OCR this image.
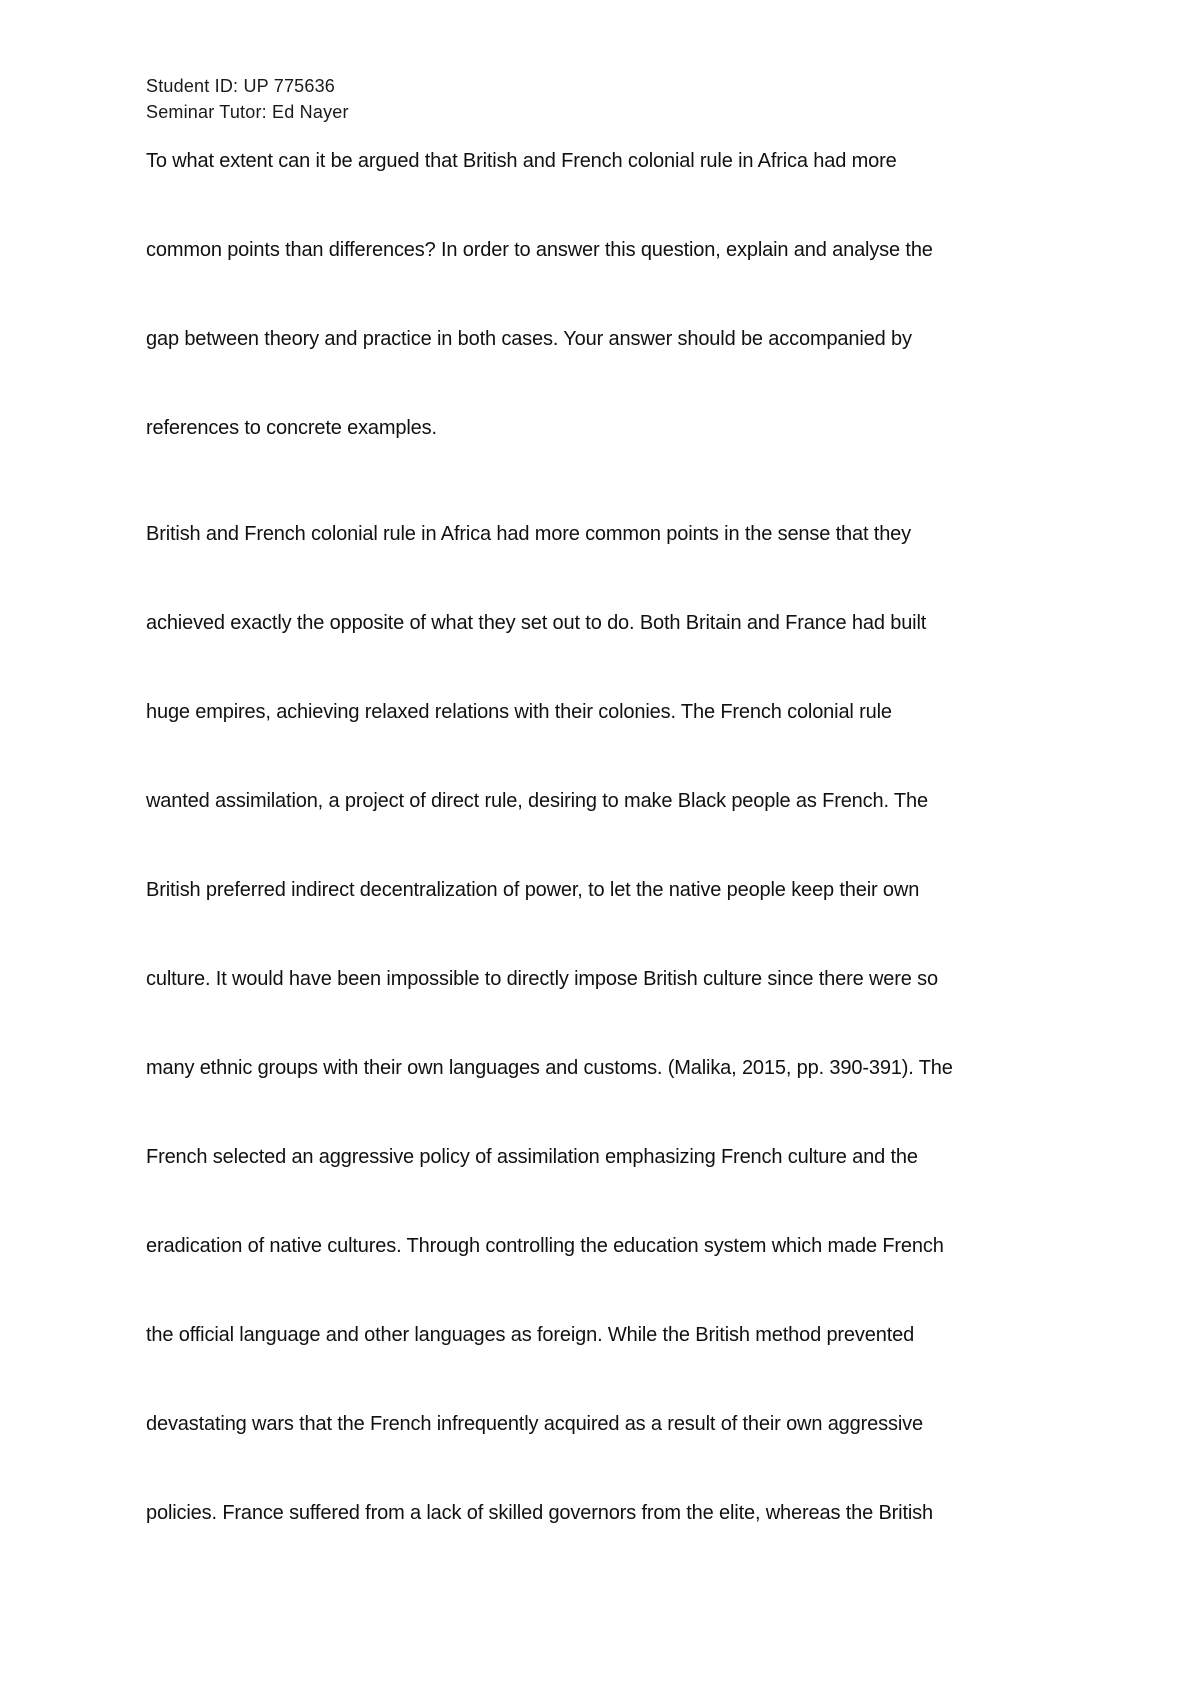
Student ID: UP 775636
Seminar Tutor: Ed Nayer
To what extent can it be argued that British and French colonial rule in Africa had more
common points than differences? In order to answer this question, explain and analyse the
gap between theory and practice in both cases. Your answer should be accompanied by
references to concrete examples.
British and French colonial rule in Africa had more common points in the sense that they
achieved exactly the opposite of what they set out to do. Both Britain and France had built
huge empires, achieving relaxed relations with their colonies. The French colonial rule
wanted assimilation, a project of direct rule, desiring to make Black people as French. The
British preferred indirect decentralization of power, to let the native people keep their own
culture. It would have been impossible to directly impose British culture since there were so
many ethnic groups with their own languages and customs. (Malika, 2015, pp. 390-391). The
French selected an aggressive policy of assimilation emphasizing French culture and the
eradication of native cultures. Through controlling the education system which made French
the official language and other languages as foreign. While the British method prevented
devastating wars that the French infrequently acquired as a result of their own aggressive
policies. France suffered from a lack of skilled governors from the elite, whereas the British
